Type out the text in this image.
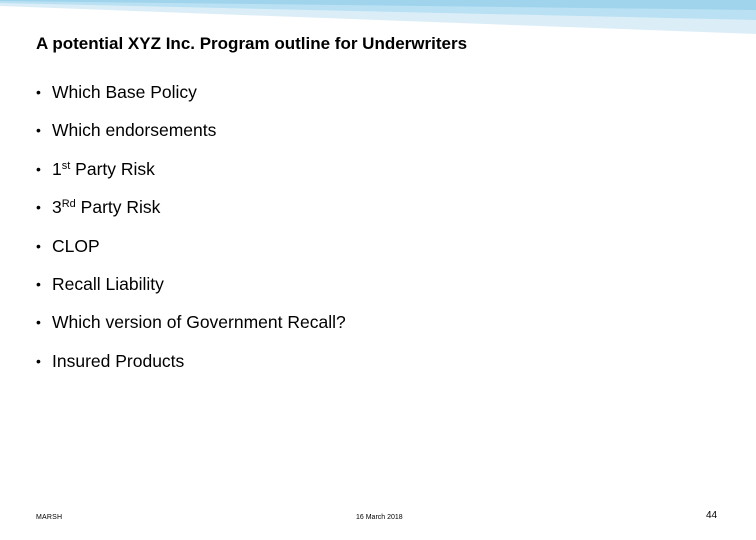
A potential XYZ Inc. Program outline for Underwriters
• Which Base Policy
• Which endorsements
• 1st Party Risk
• 3Rd Party Risk
• CLOP
• Recall Liability
• Which version of Government Recall?
• Insured Products
MARSH	16 March 2018	44
